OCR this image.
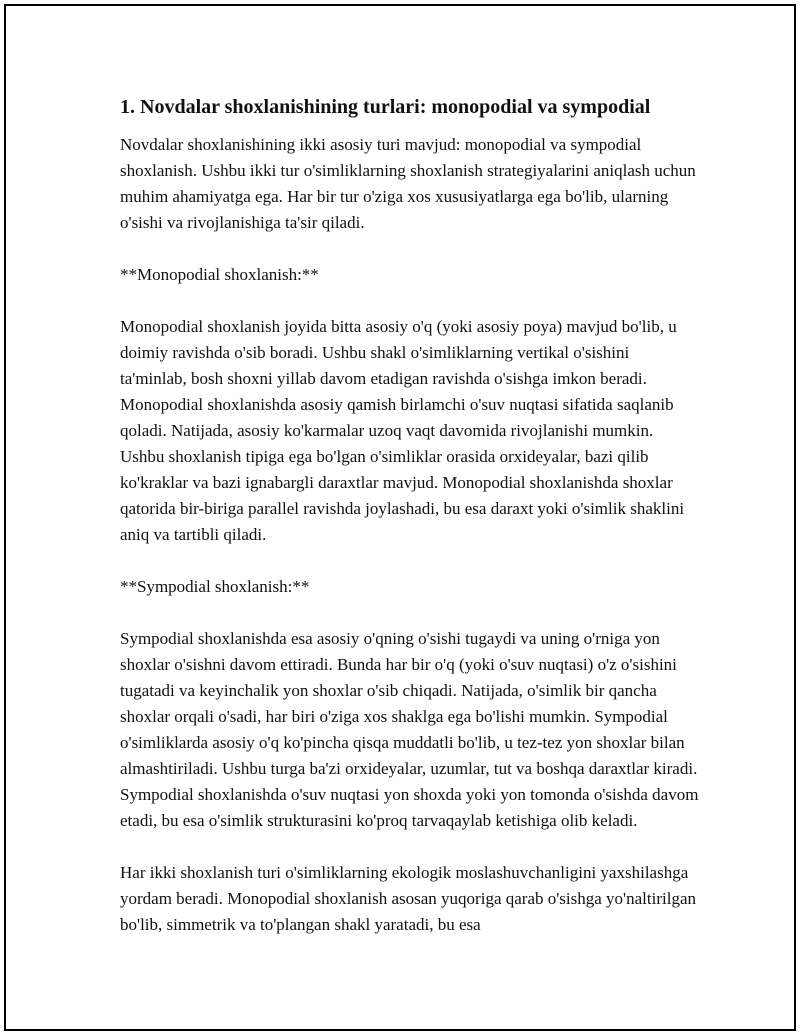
1. Novdalar shoxlanishining turlari: monopodial va sympodial

Novdalar shoxlanishining ikki asosiy turi mavjud: monopodial va sympodial shoxlanish. Ushbu ikki tur o'simliklarning shoxlanish strategiyalarini aniqlash uchun muhim ahamiyatga ega. Har bir tur o'ziga xos xususiyatlarga ega bo'lib, ularning o'sishi va rivojlanishiga ta'sir qiladi.

**Monopodial shoxlanish:**

Monopodial shoxlanish joyida bitta asosiy o'q (yoki asosiy poya) mavjud bo'lib, u doimiy ravishda o'sib boradi. Ushbu shakl o'simliklarning vertikal o'sishini ta'minlab, bosh shoxni yillab davom etadigan ravishda o'sishga imkon beradi. Monopodial shoxlanishda asosiy qamish birlamchi o'suv nuqtasi sifatida saqlanib qoladi. Natijada, asosiy ko'karmalar uzoq vaqt davomida rivojlanishi mumkin. Ushbu shoxlanish tipiga ega bo'lgan o'simliklar orasida orxideyalar, bazi qilib ko'kraklar va bazi ignabargli daraxtlar mavjud. Monopodial shoxlanishda shoxlar qatorida bir-biriga parallel ravishda joylashadi, bu esa daraxt yoki o'simlik shaklini aniq va tartibli qiladi.

**Sympodial shoxlanish:**

Sympodial shoxlanishda esa asosiy o'qning o'sishi tugaydi va uning o'rniga yon shoxlar o'sishni davom ettiradi. Bunda har bir o'q (yoki o'suv nuqtasi) o'z o'sishini tugatadi va keyinchalik yon shoxlar o'sib chiqadi. Natijada, o'simlik bir qancha shoxlar orqali o'sadi, har biri o'ziga xos shaklga ega bo'lishi mumkin. Sympodial o'simliklarda asosiy o'q ko'pincha qisqa muddatli bo'lib, u tez-tez yon shoxlar bilan almashtiriladi. Ushbu turga ba'zi orxideyalar, uzumlar, tut va boshqa daraxtlar kiradi. Sympodial shoxlanishda o'suv nuqtasi yon shoxda yoki yon tomonda o'sishda davom etadi, bu esa o'simlik strukturasini ko'proq tarvaqaylab ketishiga olib keladi.

Har ikki shoxlanish turi o'simliklarning ekologik moslashuvchanligini yaxshilashga yordam beradi. Monopodial shoxlanish asosan yuqoriga qarab o'sishga yo'naltirilgan bo'lib, simmetrik va to'plangan shakl yaratadi, bu esa
